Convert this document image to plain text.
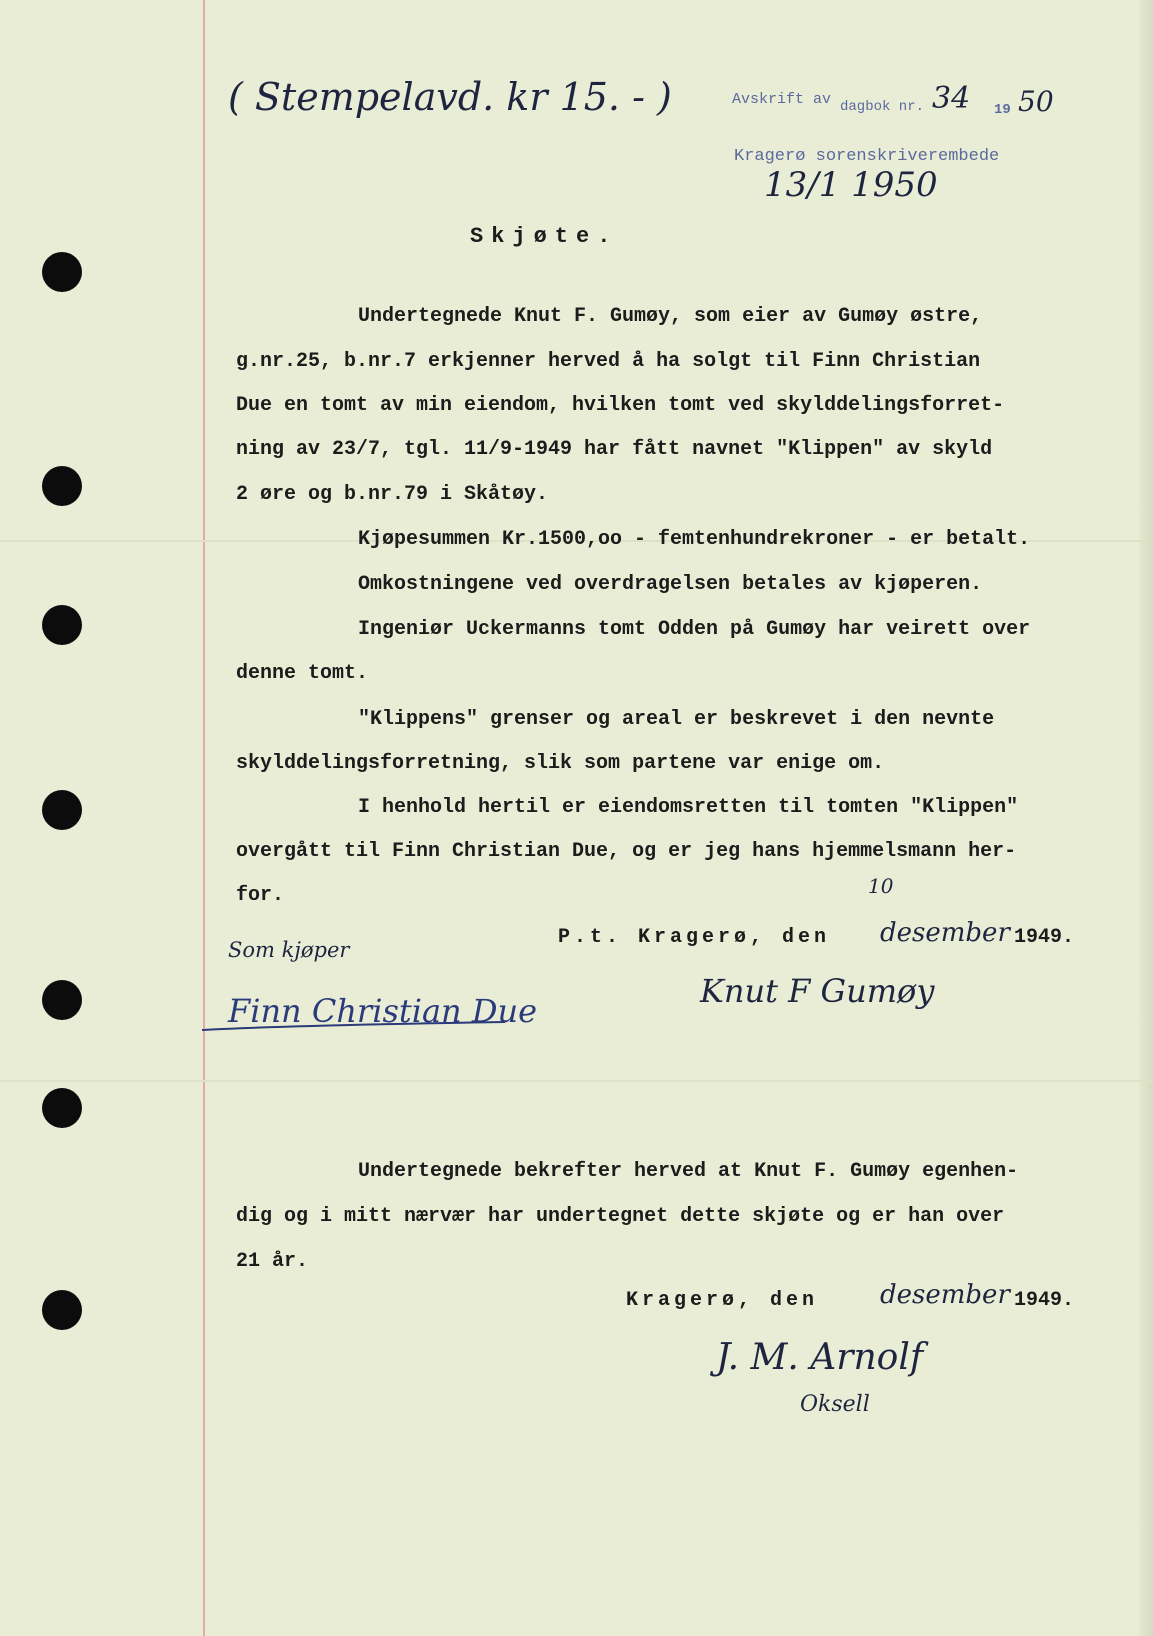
( Stempelavd. kr 15. - )	Avskrift av dagbok nr. 34 19 50
Kragerø sorenskriverembede
13/1 1950
Skjøte.
Undertegnede Knut F. Gumøy, som eier av Gumøy østre,
g.nr.25, b.nr.7 erkjenner herved å ha solgt til Finn Christian
Due en tomt av min eiendom, hvilken tomt ved skylddelingsforret-
ning av 23/7, tgl. 11/9-1949 har fått navnet "Klippen" av skyld
2 øre og b.nr.79 i Skåtøy.
Kjøpesummen Kr.1500,oo - femtenhundrekroner - er betalt.
Omkostningene ved overdragelsen betales av kjøperen.
Ingeniør Uckermanns tomt Odden på Gumøy har veirett over
denne tomt.
"Klippens" grenser og areal er beskrevet i den nevnte
skylddelingsforretning, slik som partene var enige om.
I henhold hertil er eiendomsretten til tomten "Klippen"
overgått til Finn Christian Due, og er jeg hans hjemmelsmann her-
for.
P.t. Kragerø, den
10
desember 1949.
Som kjøper
Finn Christian Due
Knut F Gumøy
Undertegnede bekrefter herved at Knut F. Gumøy egenhen-
dig og i mitt nærvær har undertegnet dette skjøte og er han over
21 år.
Kragerø, den desember 1949.
J. M. Arnolf
Oksell
